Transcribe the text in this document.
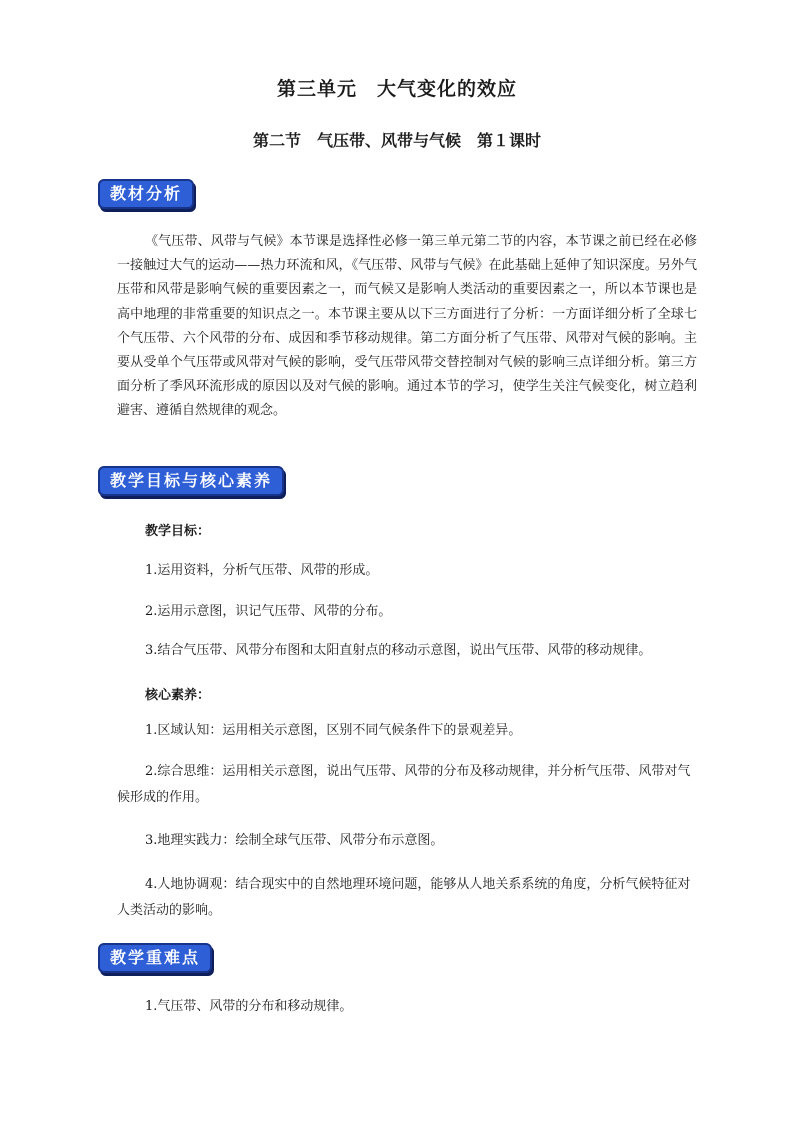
第三单元　大气变化的效应
第二节　气压带、风带与气候　第１课时
教材分析
《气压带、风带与气候》本节课是选择性必修一第三单元第二节的内容，本节课之前已经在必修一接触过大气的运动——热力环流和风，《气压带、风带与气候》在此基础上延伸了知识深度。另外气压带和风带是影响气候的重要因素之一，而气候又是影响人类活动的重要因素之一，所以本节课也是高中地理的非常重要的知识点之一。本节课主要从以下三方面进行了分析：一方面详细分析了全球七个气压带、六个风带的分布、成因和季节移动规律。第二方面分析了气压带、风带对气候的影响。主要从受单个气压带或风带对气候的影响，受气压带风带交替控制对气候的影响三点详细分析。第三方面分析了季风环流形成的原因以及对气候的影响。通过本节的学习，使学生关注气候变化，树立趋利避害、遵循自然规律的观念。
教学目标与核心素养
教学目标：
1.运用资料，分析气压带、风带的形成。
2.运用示意图，识记气压带、风带的分布。
3.结合气压带、风带分布图和太阳直射点的移动示意图，说出气压带、风带的移动规律。
核心素养：
1.区域认知：运用相关示意图，区别不同气候条件下的景观差异。
2.综合思维：运用相关示意图，说出气压带、风带的分布及移动规律，并分析气压带、风带对气候形成的作用。
3.地理实践力：绘制全球气压带、风带分布示意图。
4.人地协调观：结合现实中的自然地理环境问题，能够从人地关系系统的角度，分析气候特征对人类活动的影响。
教学重难点
1.气压带、风带的分布和移动规律。
